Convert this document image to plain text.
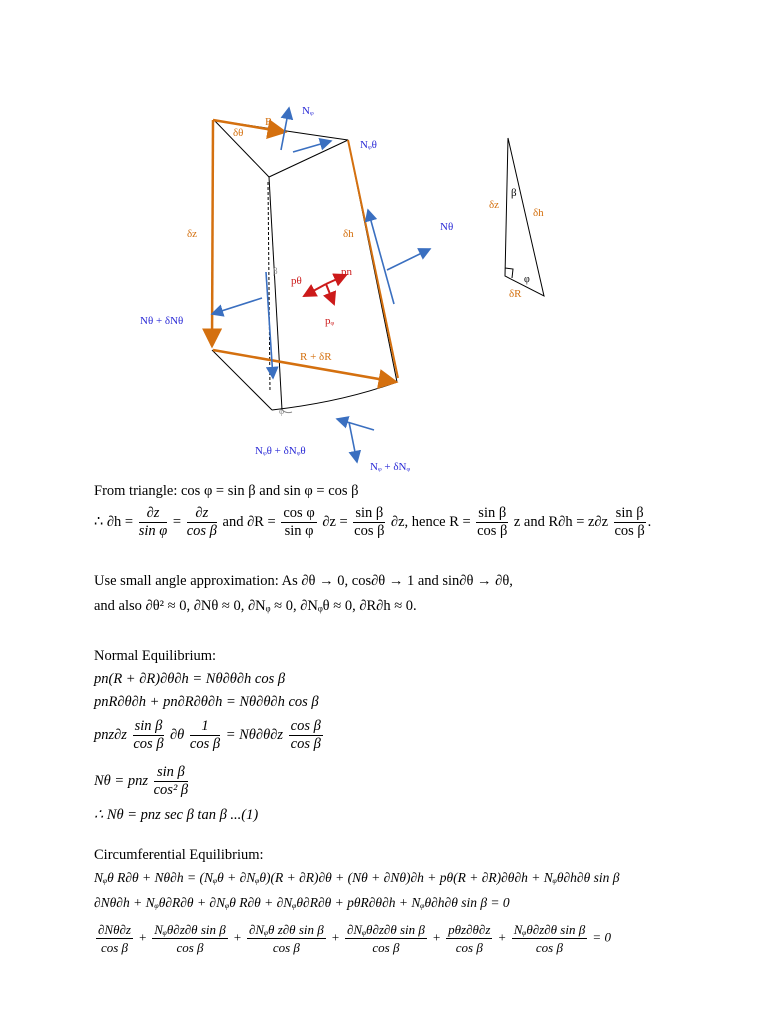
Nᵩ
Nᵩθ
R
δθ
δz	δh
Nθ
β
pθ
pn
pᵩ
Nθ + δNθ
R + δR
φ
Nᵩθ + δNᵩθ
Nᵩ + δNᵩ
δz
β
δh
φ
δR
From triangle: cos φ = sin β and sin φ = cos β
∴ $\partial h = \frac{\partial z}{\text{sin φ}} = \frac{\partial z}{\text{cos β}}$ and $\partial R = \frac{\text{cos φ}}{\text{sin φ}} \partial z = \frac{\text{sin β}}{\text{cos β}} \partial z$, hence $R = \frac{\text{sin β}}{\text{cos β}}$ z and $R\partial h = z\partial z \frac{\text{sin β}}{\text{cos β}}$ .
Use small angle approximation: As ∂θ → 0, cos∂θ → 1 and sin∂θ → ∂θ,
and also ∂θ² ≈ 0, ∂Nθ ≈ 0, ∂Nᵩ ≈ 0, ∂Nᵩθ ≈ 0, ∂R∂h ≈ 0.
Normal Equilibrium:
pn(R + ∂R)∂θ∂h = Nθ∂θ∂h cos β
pnR∂θ∂h + pn∂R∂θ∂h = Nθ∂θ∂h cos β
$pnz\partial z \frac{\text{sin β}}{\text{cos β}} \partial\theta \frac{1}{\text{cos β}} = N\theta\partial\theta\partial z \frac{\text{cos β}}{\text{cos β}}$
Nθ = pnz $\frac{\text{sin β}}{\text{cos² β}}$
∴ Nθ = pnz sec β tan β ...(1)
Circumferential Equilibrium:
Nᵩθ R∂θ + Nθ∂h = (Nᵩθ + ∂Nᵩθ)(R + ∂R)∂θ + (Nθ + ∂Nθ)∂h + pθ(R + ∂R)∂θ∂h + Nᵩθ∂h∂θ sin β
∂Nθ∂h + Nᵩθ∂R∂θ + ∂Nᵩθ R∂θ + ∂Nᵩθ∂R∂θ + pθR∂θ∂h + Nᵩθ∂h∂θ sin β = 0
$\frac{\partial N\theta\partial z}{\text{cos β}} + \frac{\text{Nᵩθ∂z∂θ sin β}}{\text{cos β}} + \frac{\text{∂Nᵩθ z∂θ sin β}}{\text{cos β}} + \frac{\text{∂Nᵩθ∂z∂θ sin β}}{\text{cos β}} + \frac{\text{pθz∂θ∂z}}{\text{cos β}} + \frac{\text{Nᵩθ∂z∂θ sin β}}{\text{cos β}} = 0$
